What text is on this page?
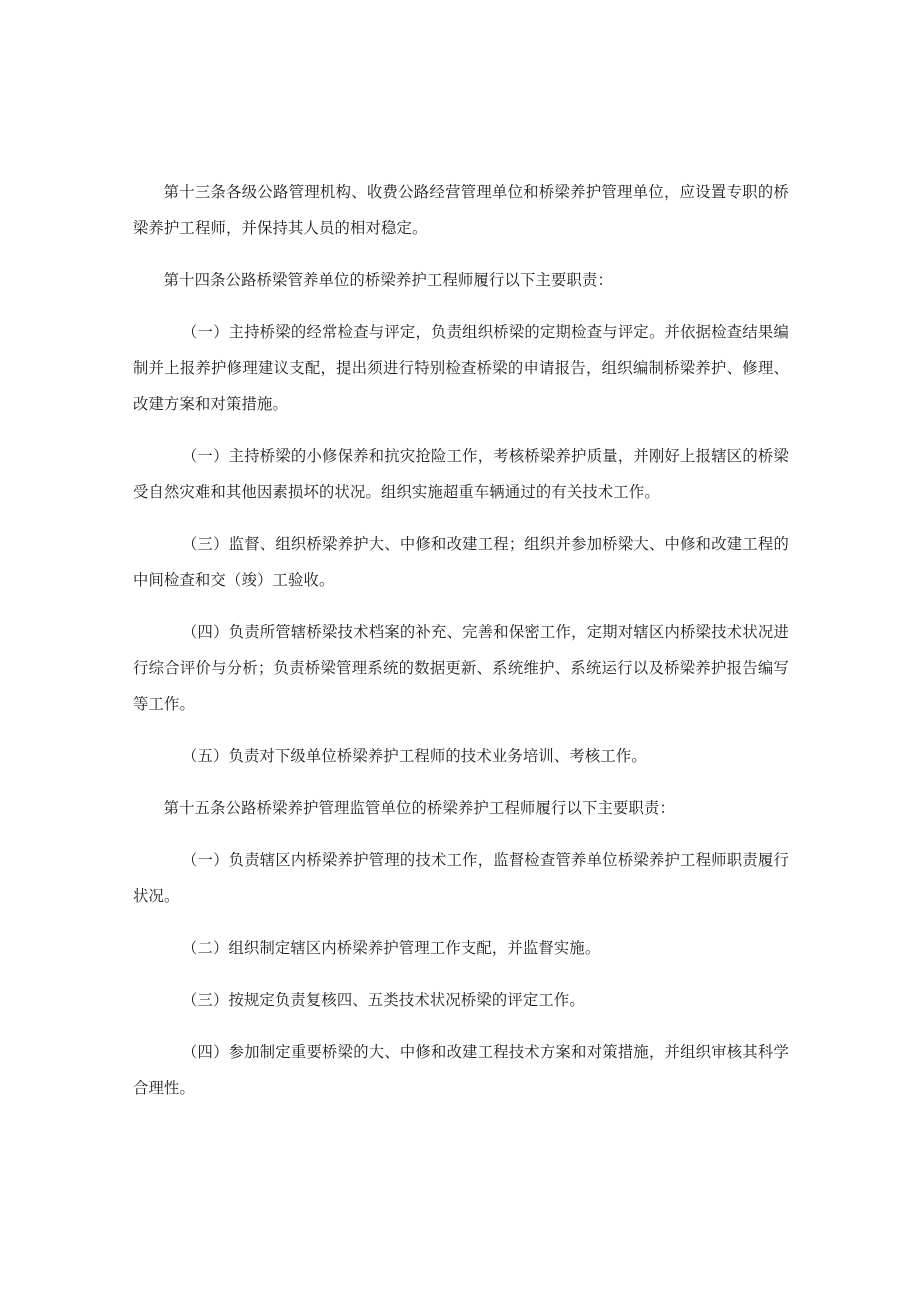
第十三条各级公路管理机构、收费公路经营管理单位和桥梁养护管理单位，应设置专职的桥梁养护工程师，并保持其人员的相对稳定。

第十四条公路桥梁管养单位的桥梁养护工程师履行以下主要职责：

（一）主持桥梁的经常检查与评定，负责组织桥梁的定期检查与评定。并依据检查结果编制并上报养护修理建议支配，提出须进行特别检查桥梁的申请报告，组织编制桥梁养护、修理、改建方案和对策措施。

（一）主持桥梁的小修保养和抗灾抢险工作，考核桥梁养护质量，并刚好上报辖区的桥梁受自然灾难和其他因素损坏的状况。组织实施超重车辆通过的有关技术工作。

（三）监督、组织桥梁养护大、中修和改建工程；组织并参加桥梁大、中修和改建工程的中间检查和交（竣）工验收。

（四）负责所管辖桥梁技术档案的补充、完善和保密工作，定期对辖区内桥梁技术状况进行综合评价与分析；负责桥梁管理系统的数据更新、系统维护、系统运行以及桥梁养护报告编写等工作。

（五）负责对下级单位桥梁养护工程师的技术业务培训、考核工作。

第十五条公路桥梁养护管理监管单位的桥梁养护工程师履行以下主要职责：

（一）负责辖区内桥梁养护管理的技术工作，监督检查管养单位桥梁养护工程师职责履行状况。

（二）组织制定辖区内桥梁养护管理工作支配，并监督实施。

（三）按规定负责复核四、五类技术状况桥梁的评定工作。

（四）参加制定重要桥梁的大、中修和改建工程技术方案和对策措施，并组织审核其科学合理性。
